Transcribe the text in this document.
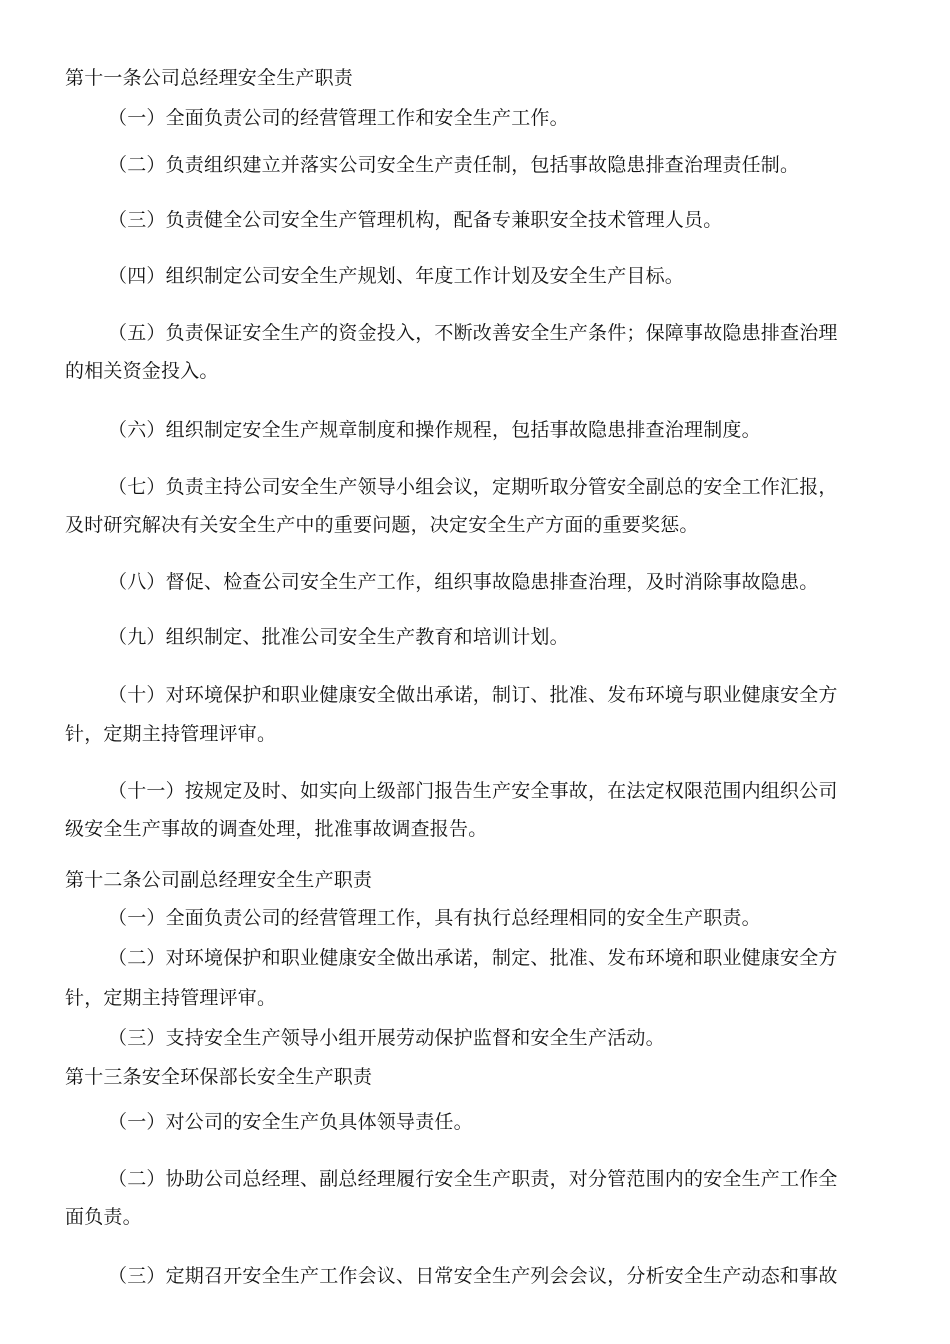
第十一条公司总经理安全生产职责
（一）全面负责公司的经营管理工作和安全生产工作。
（二）负责组织建立并落实公司安全生产责任制，包括事故隐患排查治理责任制。
（三）负责健全公司安全生产管理机构，配备专兼职安全技术管理人员。
（四）组织制定公司安全生产规划、年度工作计划及安全生产目标。
（五）负责保证安全生产的资金投入，不断改善安全生产条件；保障事故隐患排查治理
的相关资金投入。
（六）组织制定安全生产规章制度和操作规程，包括事故隐患排查治理制度。
（七）负责主持公司安全生产领导小组会议，定期听取分管安全副总的安全工作汇报，
及时研究解决有关安全生产中的重要问题，决定安全生产方面的重要奖惩。
（八）督促、检查公司安全生产工作，组织事故隐患排查治理，及时消除事故隐患。
（九）组织制定、批准公司安全生产教育和培训计划。
（十）对环境保护和职业健康安全做出承诺，制订、批准、发布环境与职业健康安全方
针，定期主持管理评审。
（十一）按规定及时、如实向上级部门报告生产安全事故，在法定权限范围内组织公司
级安全生产事故的调查处理，批准事故调查报告。
第十二条公司副总经理安全生产职责
（一）全面负责公司的经营管理工作，具有执行总经理相同的安全生产职责。
（二）对环境保护和职业健康安全做出承诺，制定、批准、发布环境和职业健康安全方
针，定期主持管理评审。
（三）支持安全生产领导小组开展劳动保护监督和安全生产活动。
第十三条安全环保部长安全生产职责
（一）对公司的安全生产负具体领导责任。
（二）协助公司总经理、副总经理履行安全生产职责，对分管范围内的安全生产工作全
面负责。
（三）定期召开安全生产工作会议、日常安全生产列会会议，分析安全生产动态和事故
